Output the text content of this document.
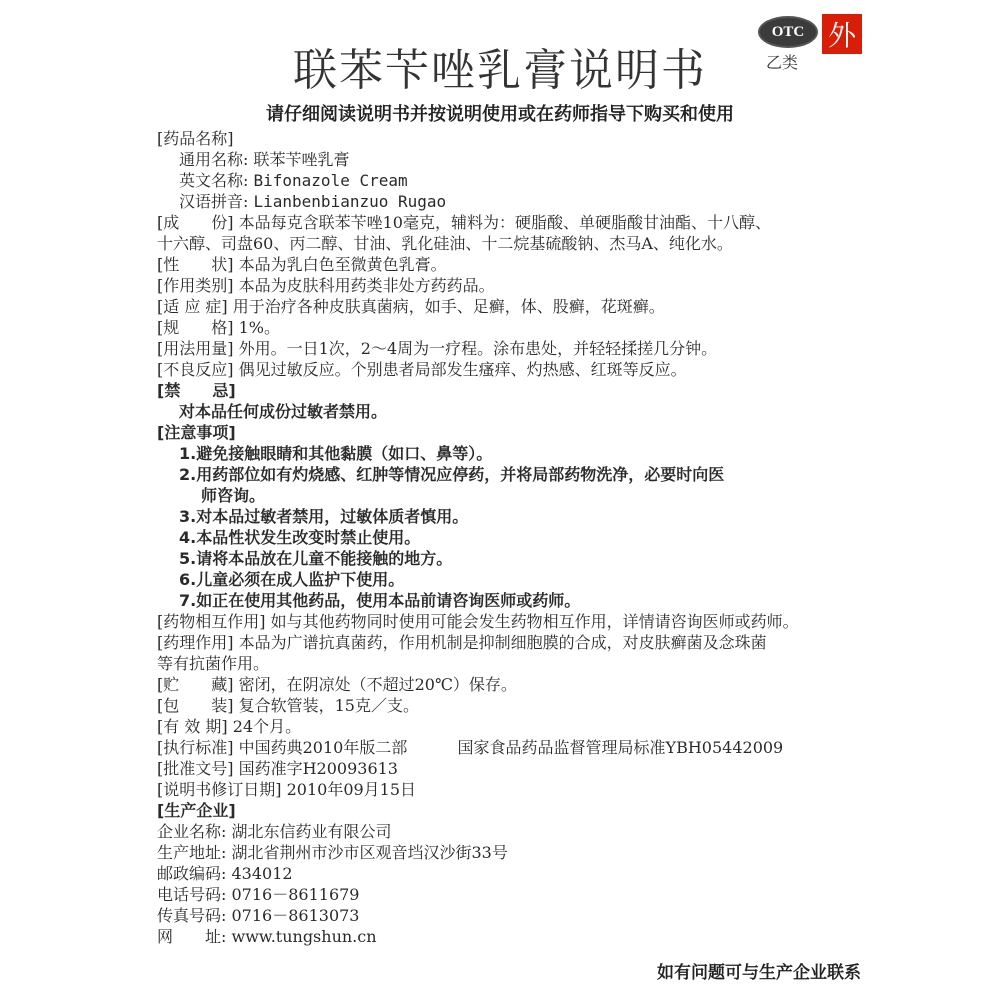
OTC 外
乙类
联苯苄唑乳膏说明书
请仔细阅读说明书并按说明使用或在药师指导下购买和使用
[药品名称]
通用名称: 联苯苄唑乳膏
英文名称: Bifonazole Cream
汉语拼音: Lianbenbianzuo Rugao
[成　　份] 本品每克含联苯苄唑10毫克，辅料为：硬脂酸、单硬脂酸甘油酯、十八醇、
十六醇、司盘60、丙二醇、甘油、乳化硅油、十二烷基硫酸钠、杰马A、纯化水。
[性　　状] 本品为乳白色至微黄色乳膏。
[作用类别] 本品为皮肤科用药类非处方药药品。
[适 应 症] 用于治疗各种皮肤真菌病，如手、足癣，体、股癣，花斑癣。
[规　　格] 1%。
[用法用量] 外用。一日1次，2～4周为一疗程。涂布患处，并轻轻揉搓几分钟。
[不良反应] 偶见过敏反应。个别患者局部发生瘙痒、灼热感、红斑等反应。
[禁　　忌]
对本品任何成份过敏者禁用。
[注意事项]
1.避免接触眼睛和其他黏膜（如口、鼻等）。
2.用药部位如有灼烧感、红肿等情况应停药，并将局部药物洗净，必要时向医
师咨询。
3.对本品过敏者禁用，过敏体质者慎用。
4.本品性状发生改变时禁止使用。
5.请将本品放在儿童不能接触的地方。
6.儿童必须在成人监护下使用。
7.如正在使用其他药品，使用本品前请咨询医师或药师。
[药物相互作用] 如与其他药物同时使用可能会发生药物相互作用，详情请咨询医师或药师。
[药理作用] 本品为广谱抗真菌药，作用机制是抑制细胞膜的合成，对皮肤癣菌及念珠菌
等有抗菌作用。
[贮　　藏] 密闭，在阴凉处（不超过20℃）保存。
[包　　装] 复合软管装，15克／支。
[有 效 期] 24个月。
[执行标准] 中国药典2010年版二部	国家食品药品监督管理局标准YBH05442009
[批准文号] 国药准字H20093613
[说明书修订日期] 2010年09月15日
[生产企业]
企业名称: 湖北东信药业有限公司
生产地址: 湖北省荆州市沙市区观音垱汉沙街33号
邮政编码: 434012
电话号码: 0716－8611679
传真号码: 0716－8613073
网　　址: www.tungshun.cn
如有问题可与生产企业联系
